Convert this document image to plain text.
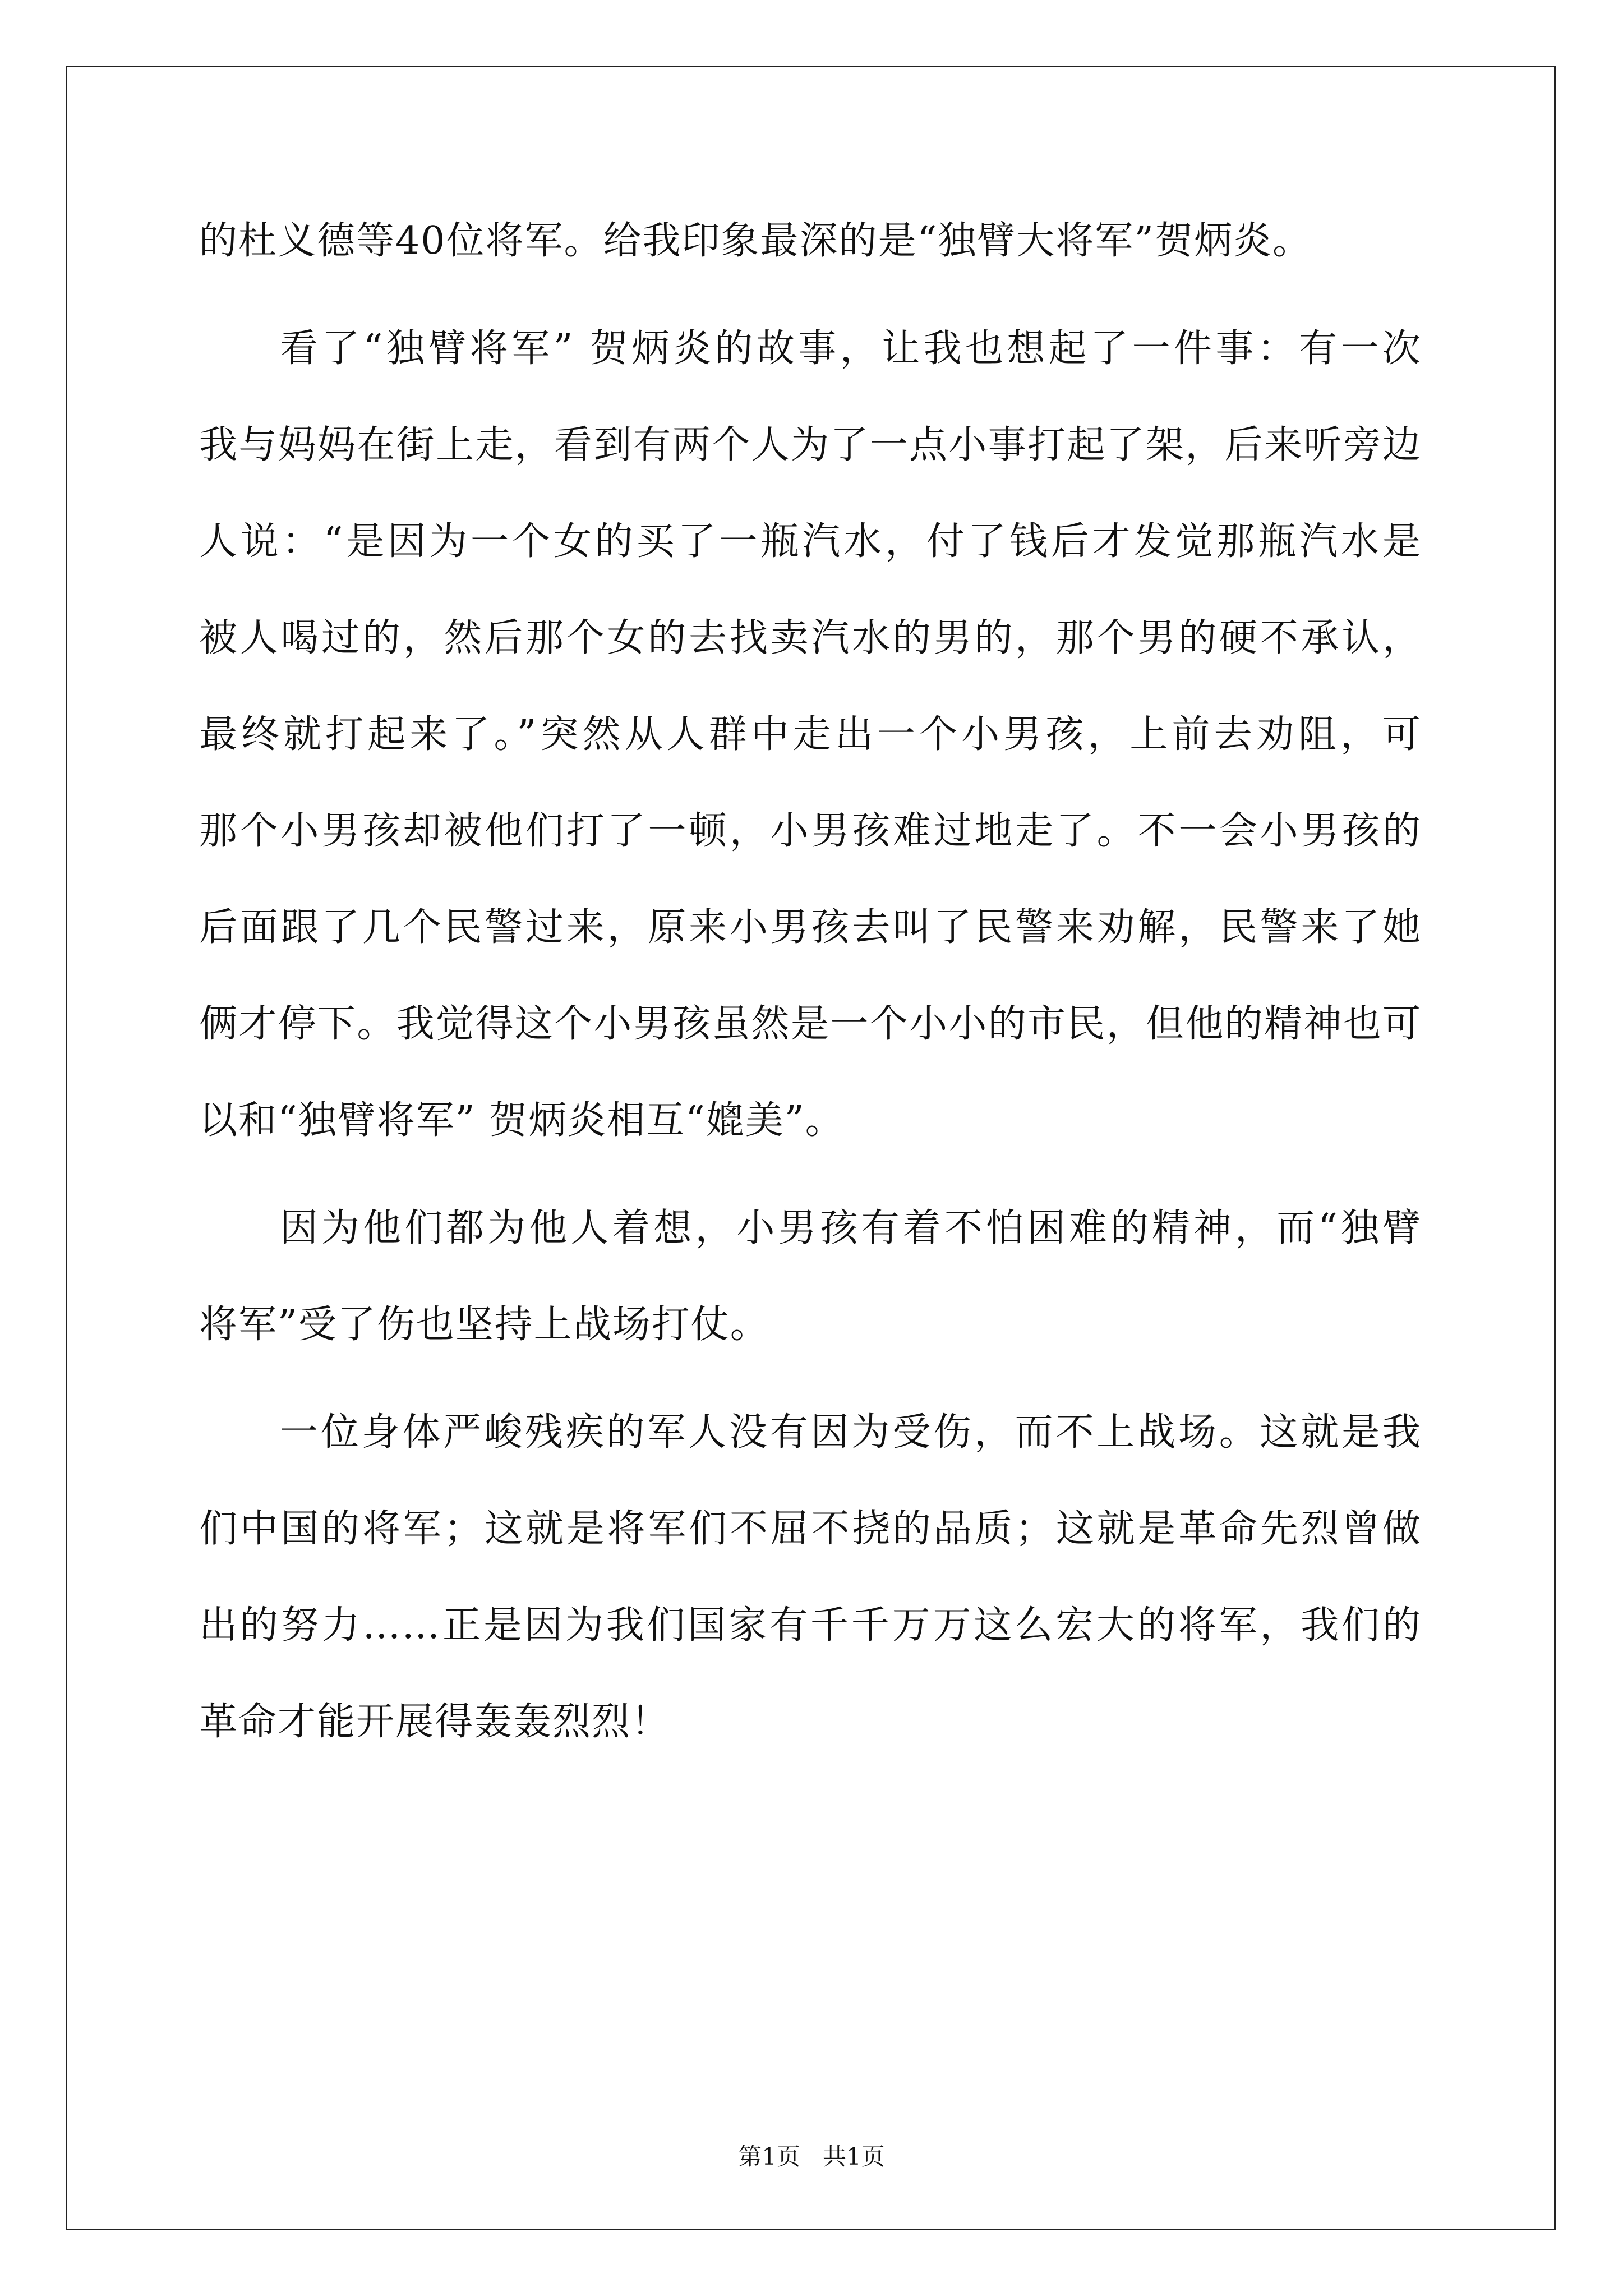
的杜义德等40位将军。给我印象最深的是“独臂大将军”贺炳炎。
看了“独臂将军” 贺炳炎的故事，让我也想起了一件事：有一次
我与妈妈在街上走，看到有两个人为了一点小事打起了架，后来听旁边
人说：“是因为一个女的买了一瓶汽水，付了钱后才发觉那瓶汽水是
被人喝过的，然后那个女的去找卖汽水的男的，那个男的硬不承认，
最终就打起来了。”突然从人群中走出一个小男孩，上前去劝阻，可
那个小男孩却被他们打了一顿，小男孩难过地走了。不一会小男孩的
后面跟了几个民警过来，原来小男孩去叫了民警来劝解，民警来了她
俩才停下。我觉得这个小男孩虽然是一个小小的市民，但他的精神也可
以和“独臂将军” 贺炳炎相互“媲美”。
因为他们都为他人着想，小男孩有着不怕困难的精神，而“独臂
将军”受了伤也坚持上战场打仗。
一位身体严峻残疾的军人没有因为受伤，而不上战场。这就是我
们中国的将军；这就是将军们不屈不挠的品质；这就是革命先烈曾做
出的努力……正是因为我们国家有千千万万这么宏大的将军，我们的
革命才能开展得轰轰烈烈！
第1页   共1页
